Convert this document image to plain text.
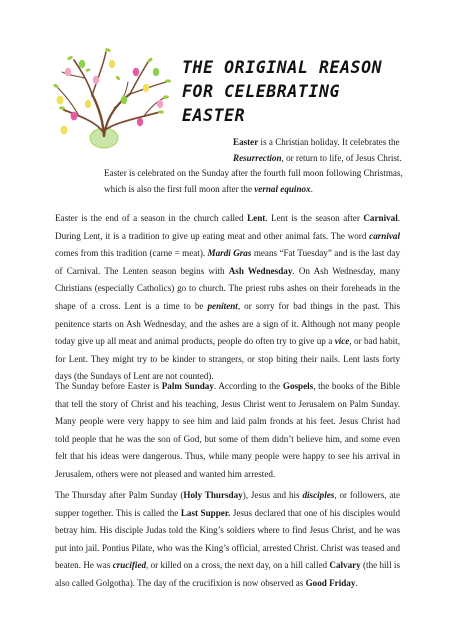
THE ORIGINAL REASON
FOR CELEBRATING
EASTER
Easter is a Christian holiday. It celebrates the
Resurrection, or return to life, of Jesus Christ.
Easter is celebrated on the Sunday after the fourth full moon following Christmas,
which is also the first full moon after the vernal equinox.

Easter is the end of a season in the church called Lent. Lent is the season after Carnival. During Lent, it is a tradition to give up eating meat and other animal fats. The word carnival comes from this tradition (carne = meat). Mardi Gras means “Fat Tuesday” and is the last day of Carnival. The Lenten season begins with Ash Wednesday. On Ash Wednesday, many Christians (especially Catholics) go to church. The priest rubs ashes on their foreheads in the shape of a cross. Lent is a time to be penitent, or sorry for bad things in the past. This penitence starts on Ash Wednesday, and the ashes are a sign of it. Although not many people today give up all meat and animal products, people do often try to give up a vice, or bad habit, for Lent. They might try to be kinder to strangers, or stop biting their nails. Lent lasts forty days (the Sundays of Lent are not counted).

The Sunday before Easter is Palm Sunday. According to the Gospels, the books of the Bible that tell the story of Christ and his teaching, Jesus Christ went to Jerusalem on Palm Sunday. Many people were very happy to see him and laid palm fronds at his feet. Jesus Christ had told people that he was the son of God, but some of them didn’t believe him, and some even felt that his ideas were dangerous. Thus, while many people were happy to see his arrival in Jerusalem, others were not pleased and wanted him arrested.

The Thursday after Palm Sunday (Holy Thursday), Jesus and his disciples, or followers, ate supper together. This is called the Last Supper. Jesus declared that one of his disciples would betray him. His disciple Judas told the King’s soldiers where to find Jesus Christ, and he was put into jail. Pontius Pilate, who was the King’s official, arrested Christ. Christ was teased and beaten. He was crucified, or killed on a cross, the next day, on a hill called Calvary (the hill is also called Golgotha). The day of the crucifixion is now observed as Good Friday.
